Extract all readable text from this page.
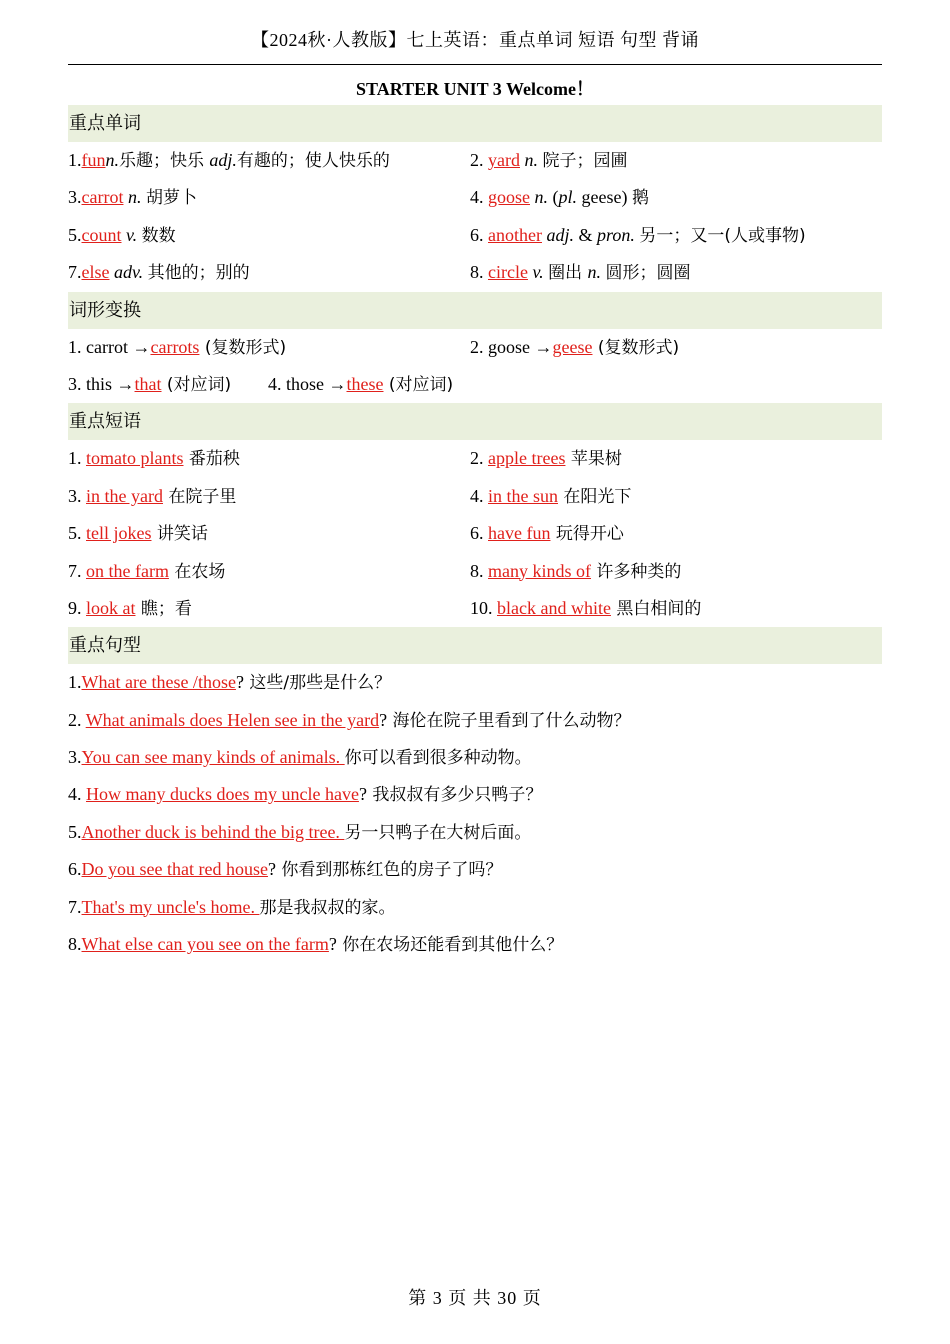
【2024秋·人教版】七上英语：重点单词 短语 句型 背诵
STARTER UNIT 3 Welcome！
重点单词
1.funn.乐趣；快乐 adj.有趣的；使人快乐的	2. yard n. 院子；园圃
3.carrot n. 胡萝卜	4. goose n. (pl. geese) 鹅
5.count v. 数数	6. another adj. & pron. 另一；又一(人或事物)
7.else adv. 其他的；别的	8. circle v. 圈出 n. 圆形；圆圈
词形变换
1. carrot →carrots (复数形式)	2. goose →geese (复数形式)
3. this →that (对应词) 4. those →these (对应词)
重点短语
1. tomato plants 番茄秧	2. apple trees 苹果树
3. in the yard 在院子里	4. in the sun 在阳光下
5. tell jokes 讲笑话	6. have fun 玩得开心
7. on the farm 在农场	8. many kinds of 许多种类的
9. look at 瞧；看	10. black and white 黑白相间的
重点句型
1.What are these /those? 这些/那些是什么？
2. What animals does Helen see in the yard? 海伦在院子里看到了什么动物？
3.You can see many kinds of animals. 你可以看到很多种动物。
4. How many ducks does my uncle have? 我叔叔有多少只鸭子？
5.Another duck is behind the big tree. 另一只鸭子在大树后面。
6.Do you see that red house? 你看到那栋红色的房子了吗？
7.That's my uncle's home. 那是我叔叔的家。
8.What else can you see on the farm? 你在农场还能看到其他什么？
第 3 页 共 30 页
